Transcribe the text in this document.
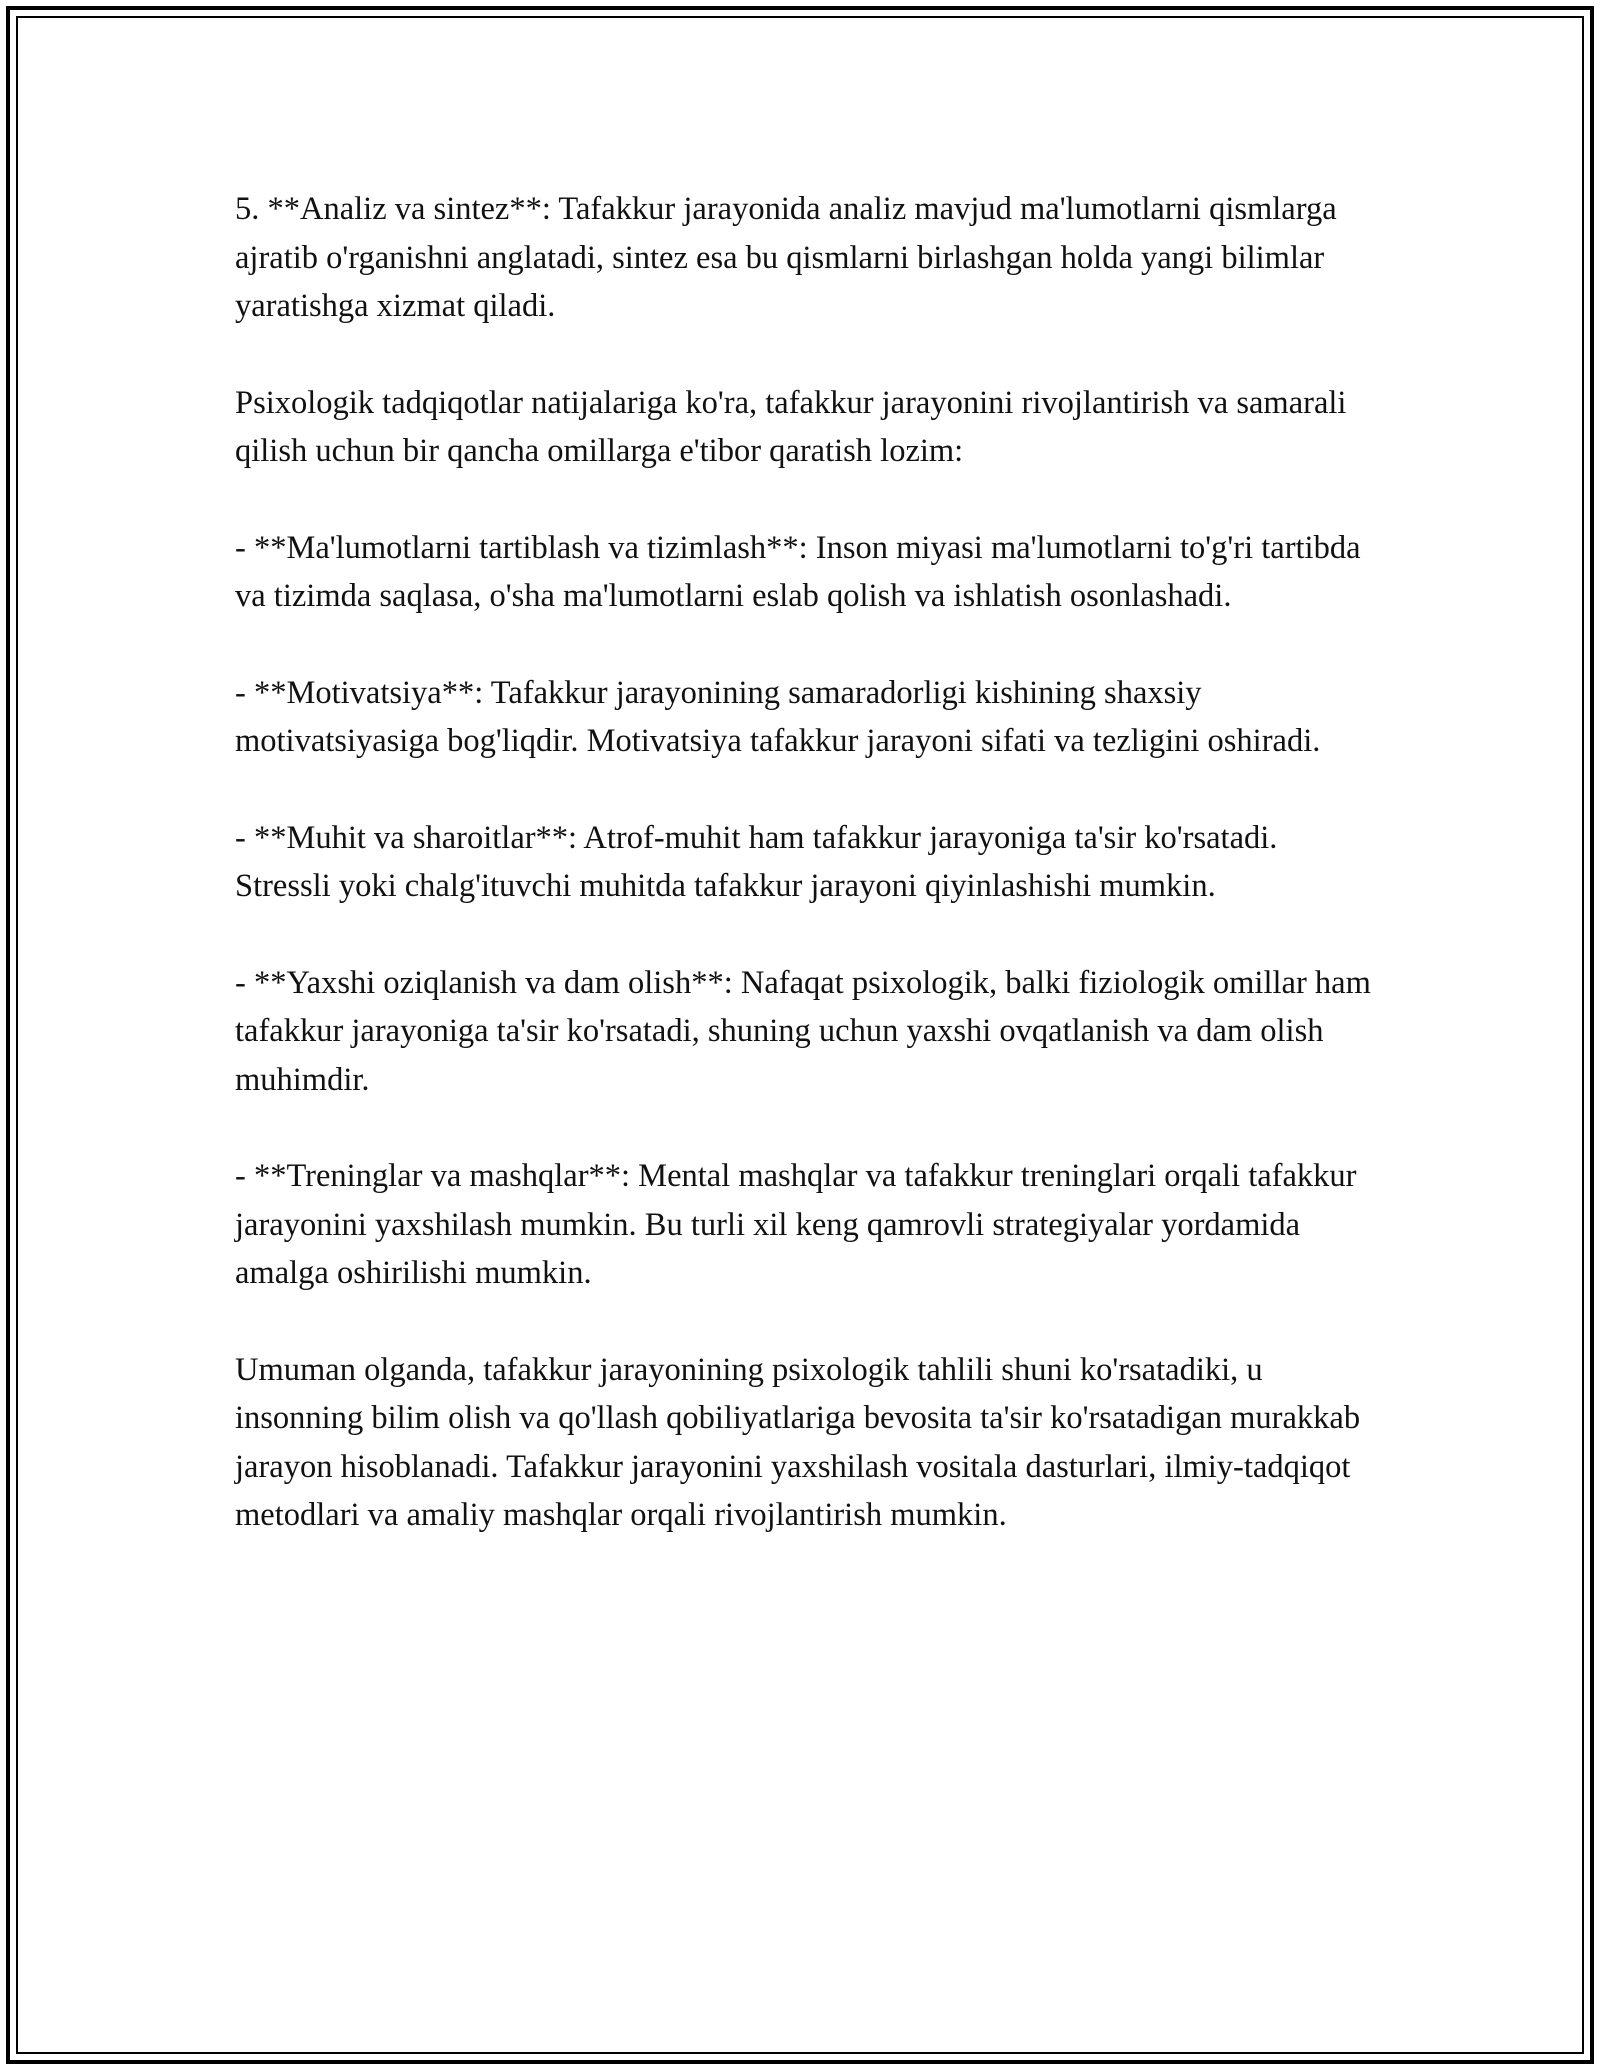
5. **Analiz va sintez**: Tafakkur jarayonida analiz mavjud ma'lumotlarni qismlarga ajratib o'rganishni anglatadi, sintez esa bu qismlarni birlashgan holda yangi bilimlar yaratishga xizmat qiladi.

Psixologik tadqiqotlar natijalariga ko'ra, tafakkur jarayonini rivojlantirish va samarali qilish uchun bir qancha omillarga e'tibor qaratish lozim:

- **Ma'lumotlarni tartiblash va tizimlash**: Inson miyasi ma'lumotlarni to'g'ri tartibda va tizimda saqlasa, o'sha ma'lumotlarni eslab qolish va ishlatish osonlashadi.

- **Motivatsiya**: Tafakkur jarayonining samaradorligi kishining shaxsiy motivatsiyasiga bog'liqdir. Motivatsiya tafakkur jarayoni sifati va tezligini oshiradi.

- **Muhit va sharoitlar**: Atrof-muhit ham tafakkur jarayoniga ta'sir ko'rsatadi. Stressli yoki chalg'ituvchi muhitda tafakkur jarayoni qiyinlashishi mumkin.

- **Yaxshi oziqlanish va dam olish**: Nafaqat psixologik, balki fiziologik omillar ham tafakkur jarayoniga ta'sir ko'rsatadi, shuning uchun yaxshi ovqatlanish va dam olish muhimdir.

- **Treninglar va mashqlar**: Mental mashqlar va tafakkur treninglari orqali tafakkur jarayonini yaxshilash mumkin. Bu turli xil keng qamrovli strategiyalar yordamida amalga oshirilishi mumkin.

Umuman olganda, tafakkur jarayonining psixologik tahlili shuni ko'rsatadiki, u insonning bilim olish va qo'llash qobiliyatlariga bevosita ta'sir ko'rsatadigan murakkab jarayon hisoblanadi. Tafakkur jarayonini yaxshilash vositala dasturlari, ilmiy-tadqiqot metodlari va amaliy mashqlar orqali rivojlantirish mumkin.
